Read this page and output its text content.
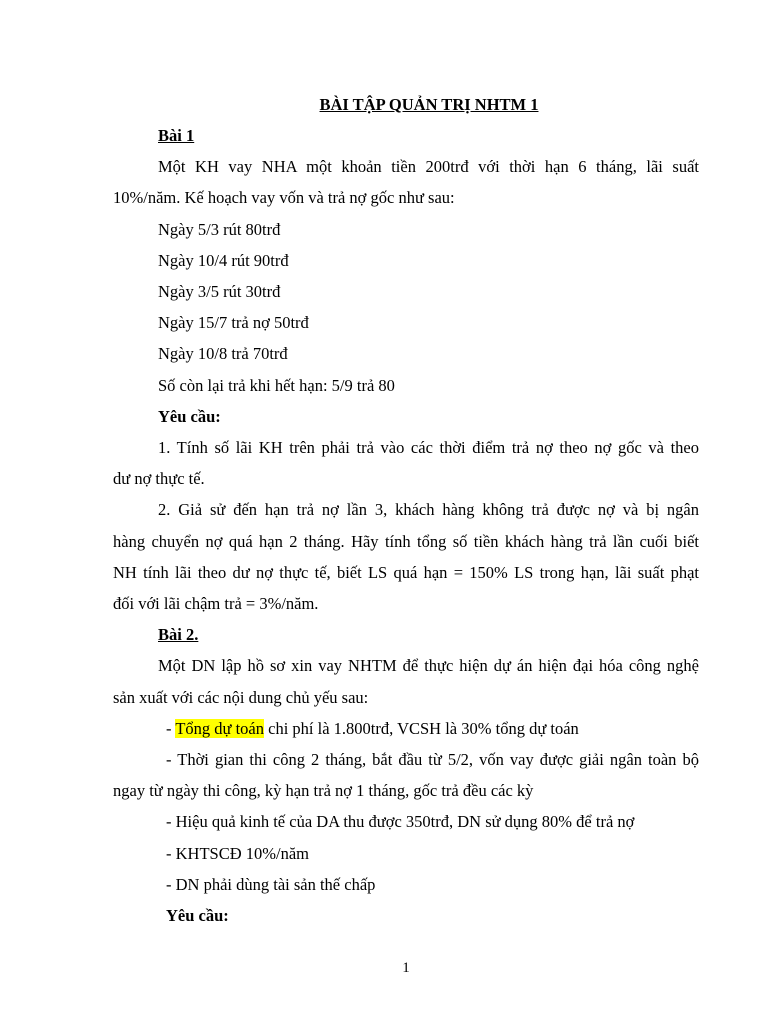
BÀI TẬP QUẢN TRỊ NHTM 1
Bài 1
Một KH vay NHA một khoản tiền 200trđ với thời hạn 6 tháng, lãi suất
10%/năm. Kế hoạch vay vốn và trả nợ gốc như sau:
Ngày 5/3 rút 80trđ
Ngày 10/4 rút 90trđ
Ngày 3/5 rút 30trđ
Ngày 15/7 trả nợ 50trđ
Ngày 10/8 trả 70trđ
Số còn lại trả khi hết hạn: 5/9 trả 80
Yêu cầu:
1. Tính số lãi KH trên phải trả vào các thời điểm trả nợ theo nợ gốc và theo
dư nợ thực tế.
2. Giả sử đến hạn trả nợ lần 3, khách hàng không trả được nợ và bị ngân
hàng chuyển nợ quá hạn 2 tháng. Hãy tính tổng số tiền khách hàng trả lần cuối biết
NH tính lãi theo dư nợ thực tế, biết LS quá hạn = 150% LS trong hạn, lãi suất phạt
đối với lãi chậm trả = 3%/năm.
Bài 2.
Một DN lập hồ sơ xin vay NHTM để thực hiện dự án hiện đại hóa công nghệ
sản xuất với các nội dung chủ yếu sau:
- Tổng dự toán chi phí là 1.800trđ, VCSH là 30% tổng dự toán
- Thời gian thi công 2 tháng, bắt đầu từ 5/2, vốn vay được giải ngân toàn bộ
ngay từ ngày thi công, kỳ hạn trả nợ 1 tháng, gốc trả đều các kỳ
- Hiệu quả kinh tế của DA thu được 350trđ, DN sử dụng 80% để trả nợ
- KHTSCĐ 10%/năm
- DN phải dùng tài sản thế chấp
Yêu cầu:
1
